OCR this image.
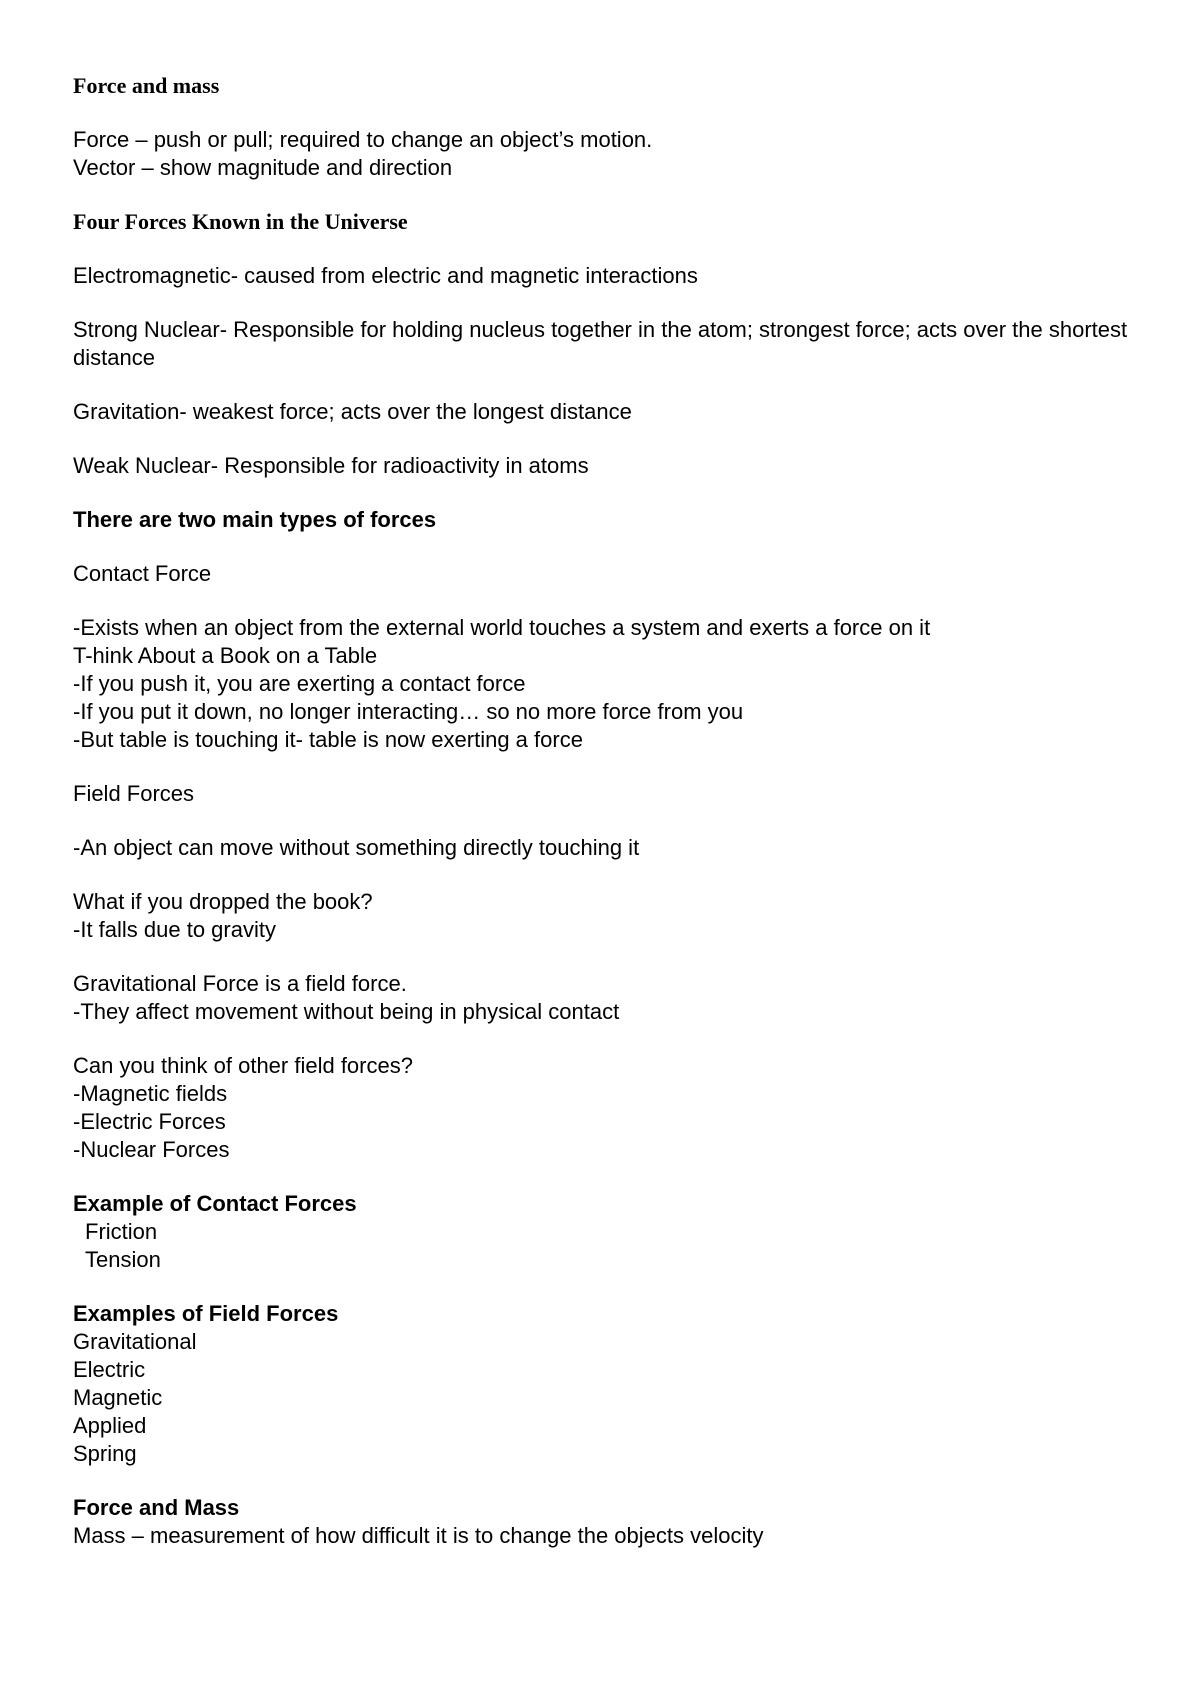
Force and mass
Force – push or pull; required to change an object’s motion.
Vector – show magnitude and direction
Four Forces Known in the Universe
Electromagnetic- caused from electric and magnetic interactions
Strong Nuclear- Responsible for holding nucleus together in the atom; strongest force; acts over the shortest distance
Gravitation- weakest force; acts over the longest distance
Weak Nuclear- Responsible for radioactivity in atoms
There are two main types of forces
Contact Force
-Exists when an object from the external world touches a system and exerts a force on it
T-hink About a Book on a Table
-If you push it, you are exerting a contact force
-If you put it down, no longer interacting… so no more force from you
-But table is touching it- table is now exerting a force
Field Forces
-An object can move without something directly touching it
What if you dropped the book?
-It falls due to gravity
Gravitational Force is a field force.
-They affect movement without being in physical contact
Can you think of other field forces?
-Magnetic fields
-Electric Forces
-Nuclear Forces
Example of Contact Forces
Friction
Tension
Examples of Field Forces
Gravitational
Electric
Magnetic
Applied
Spring
Force and Mass
Mass – measurement of how difficult it is to change the objects velocity
